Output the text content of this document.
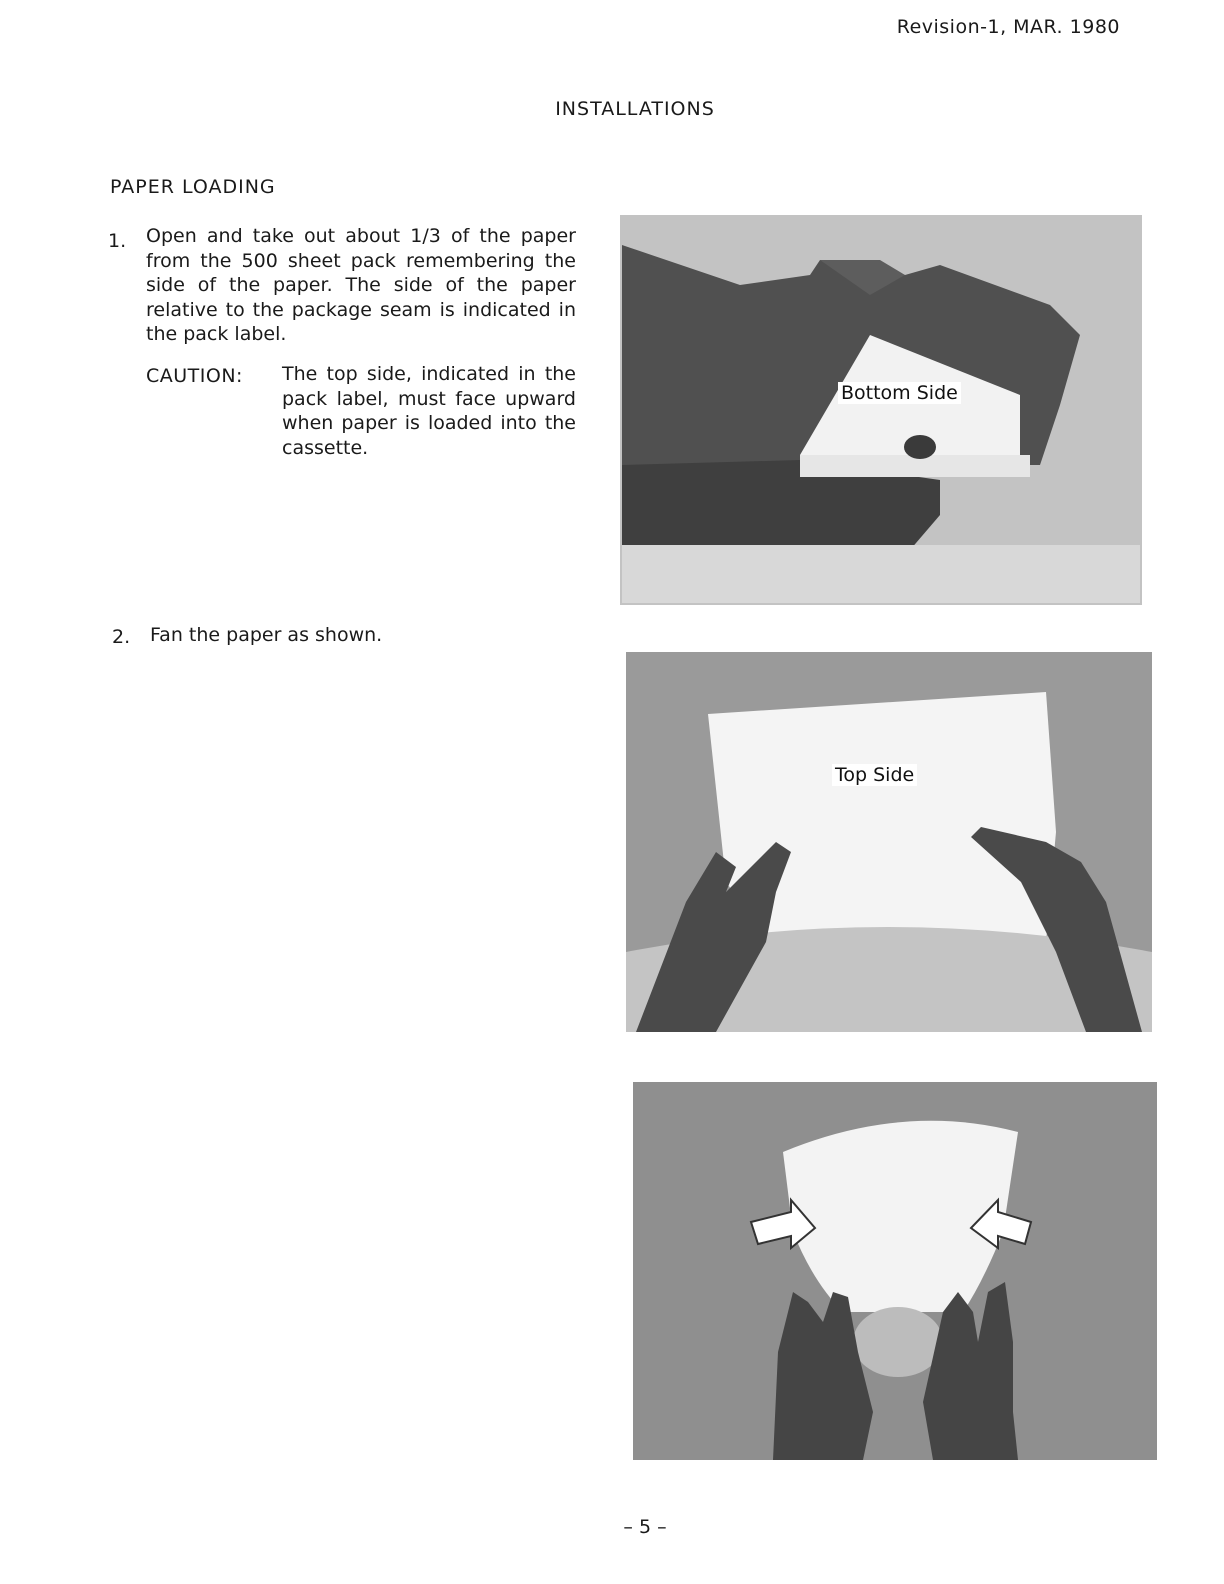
Revision-1, MAR. 1980
INSTALLATIONS
PAPER LOADING
1. Open and take out about 1/3 of the paper from the 500 sheet pack remembering the side of the paper. The side of the paper relative to the package seam is indicated in the pack label.
CAUTION: The top side, indicated in the pack label, must face upward when paper is loaded into the cassette.
2. Fan the paper as shown.
Bottom Side
Top Side
– 5 –
